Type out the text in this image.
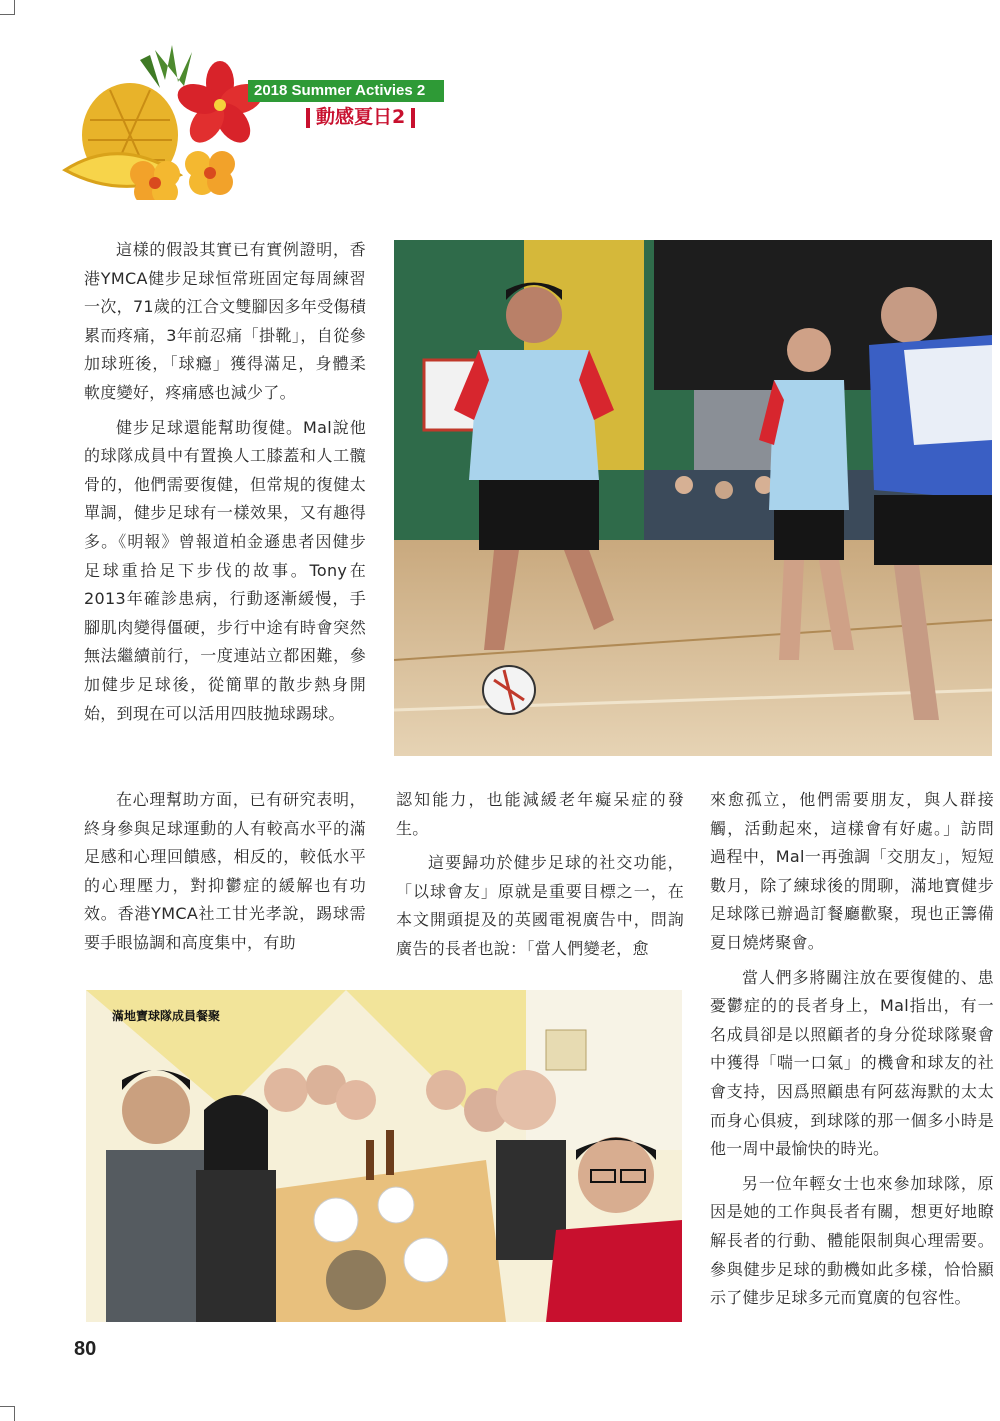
2018 Summer Activies 2
動感夏日2

這樣的假設其實已有實例證明，香港YMCA健步足球恒常班固定每周練習一次，71歲的江合文雙腳因多年受傷積累而疼痛，3年前忍痛「掛靴」，自從參加球班後，「球癮」獲得滿足，身體柔軟度變好，疼痛感也減少了。

健步足球還能幫助復健。Mal說他的球隊成員中有置換人工膝蓋和人工髖骨的，他們需要復健，但常規的復健太單調，健步足球有一樣效果，又有趣得多。《明報》曾報道柏金遜患者因健步足球重拾足下步伐的故事。Tony在2013年確診患病，行動逐漸緩慢，手腳肌肉變得僵硬，步行中途有時會突然無法繼續前行，一度連站立都困難，參加健步足球後，從簡單的散步熱身開始，到現在可以活用四肢拋球踢球。

在心理幫助方面，已有研究表明，終身參與足球運動的人有較高水平的滿足感和心理回饋感，相反的，較低水平的心理壓力，對抑鬱症的緩解也有功效。香港YMCA社工甘光孝說，踢球需要手眼協調和高度集中，有助

認知能力，也能減緩老年癡呆症的發生。

這要歸功於健步足球的社交功能，「以球會友」原就是重要目標之一，在本文開頭提及的英國電視廣告中，問詢廣告的長者也說：「當人們變老，愈

來愈孤立，他們需要朋友，與人群接觸，活動起來，這樣會有好處。」訪問過程中，Mal一再強調「交朋友」，短短數月，除了練球後的閒聊，滿地寶健步足球隊已辦過訂餐廳歡聚，現也正籌備夏日燒烤聚會。

當人們多將關注放在要復健的、患憂鬱症的的長者身上，Mal指出，有一名成員卻是以照顧者的身分從球隊聚會中獲得「喘一口氣」的機會和球友的社會支持，因爲照顧患有阿茲海默的太太而身心俱疲，到球隊的那一個多小時是他一周中最愉快的時光。

另一位年輕女士也來參加球隊，原因是她的工作與長者有關，想更好地瞭解長者的行動、體能限制與心理需要。參與健步足球的動機如此多樣，恰恰顯示了健步足球多元而寬廣的包容性。

滿地寶球隊成員餐聚
80
